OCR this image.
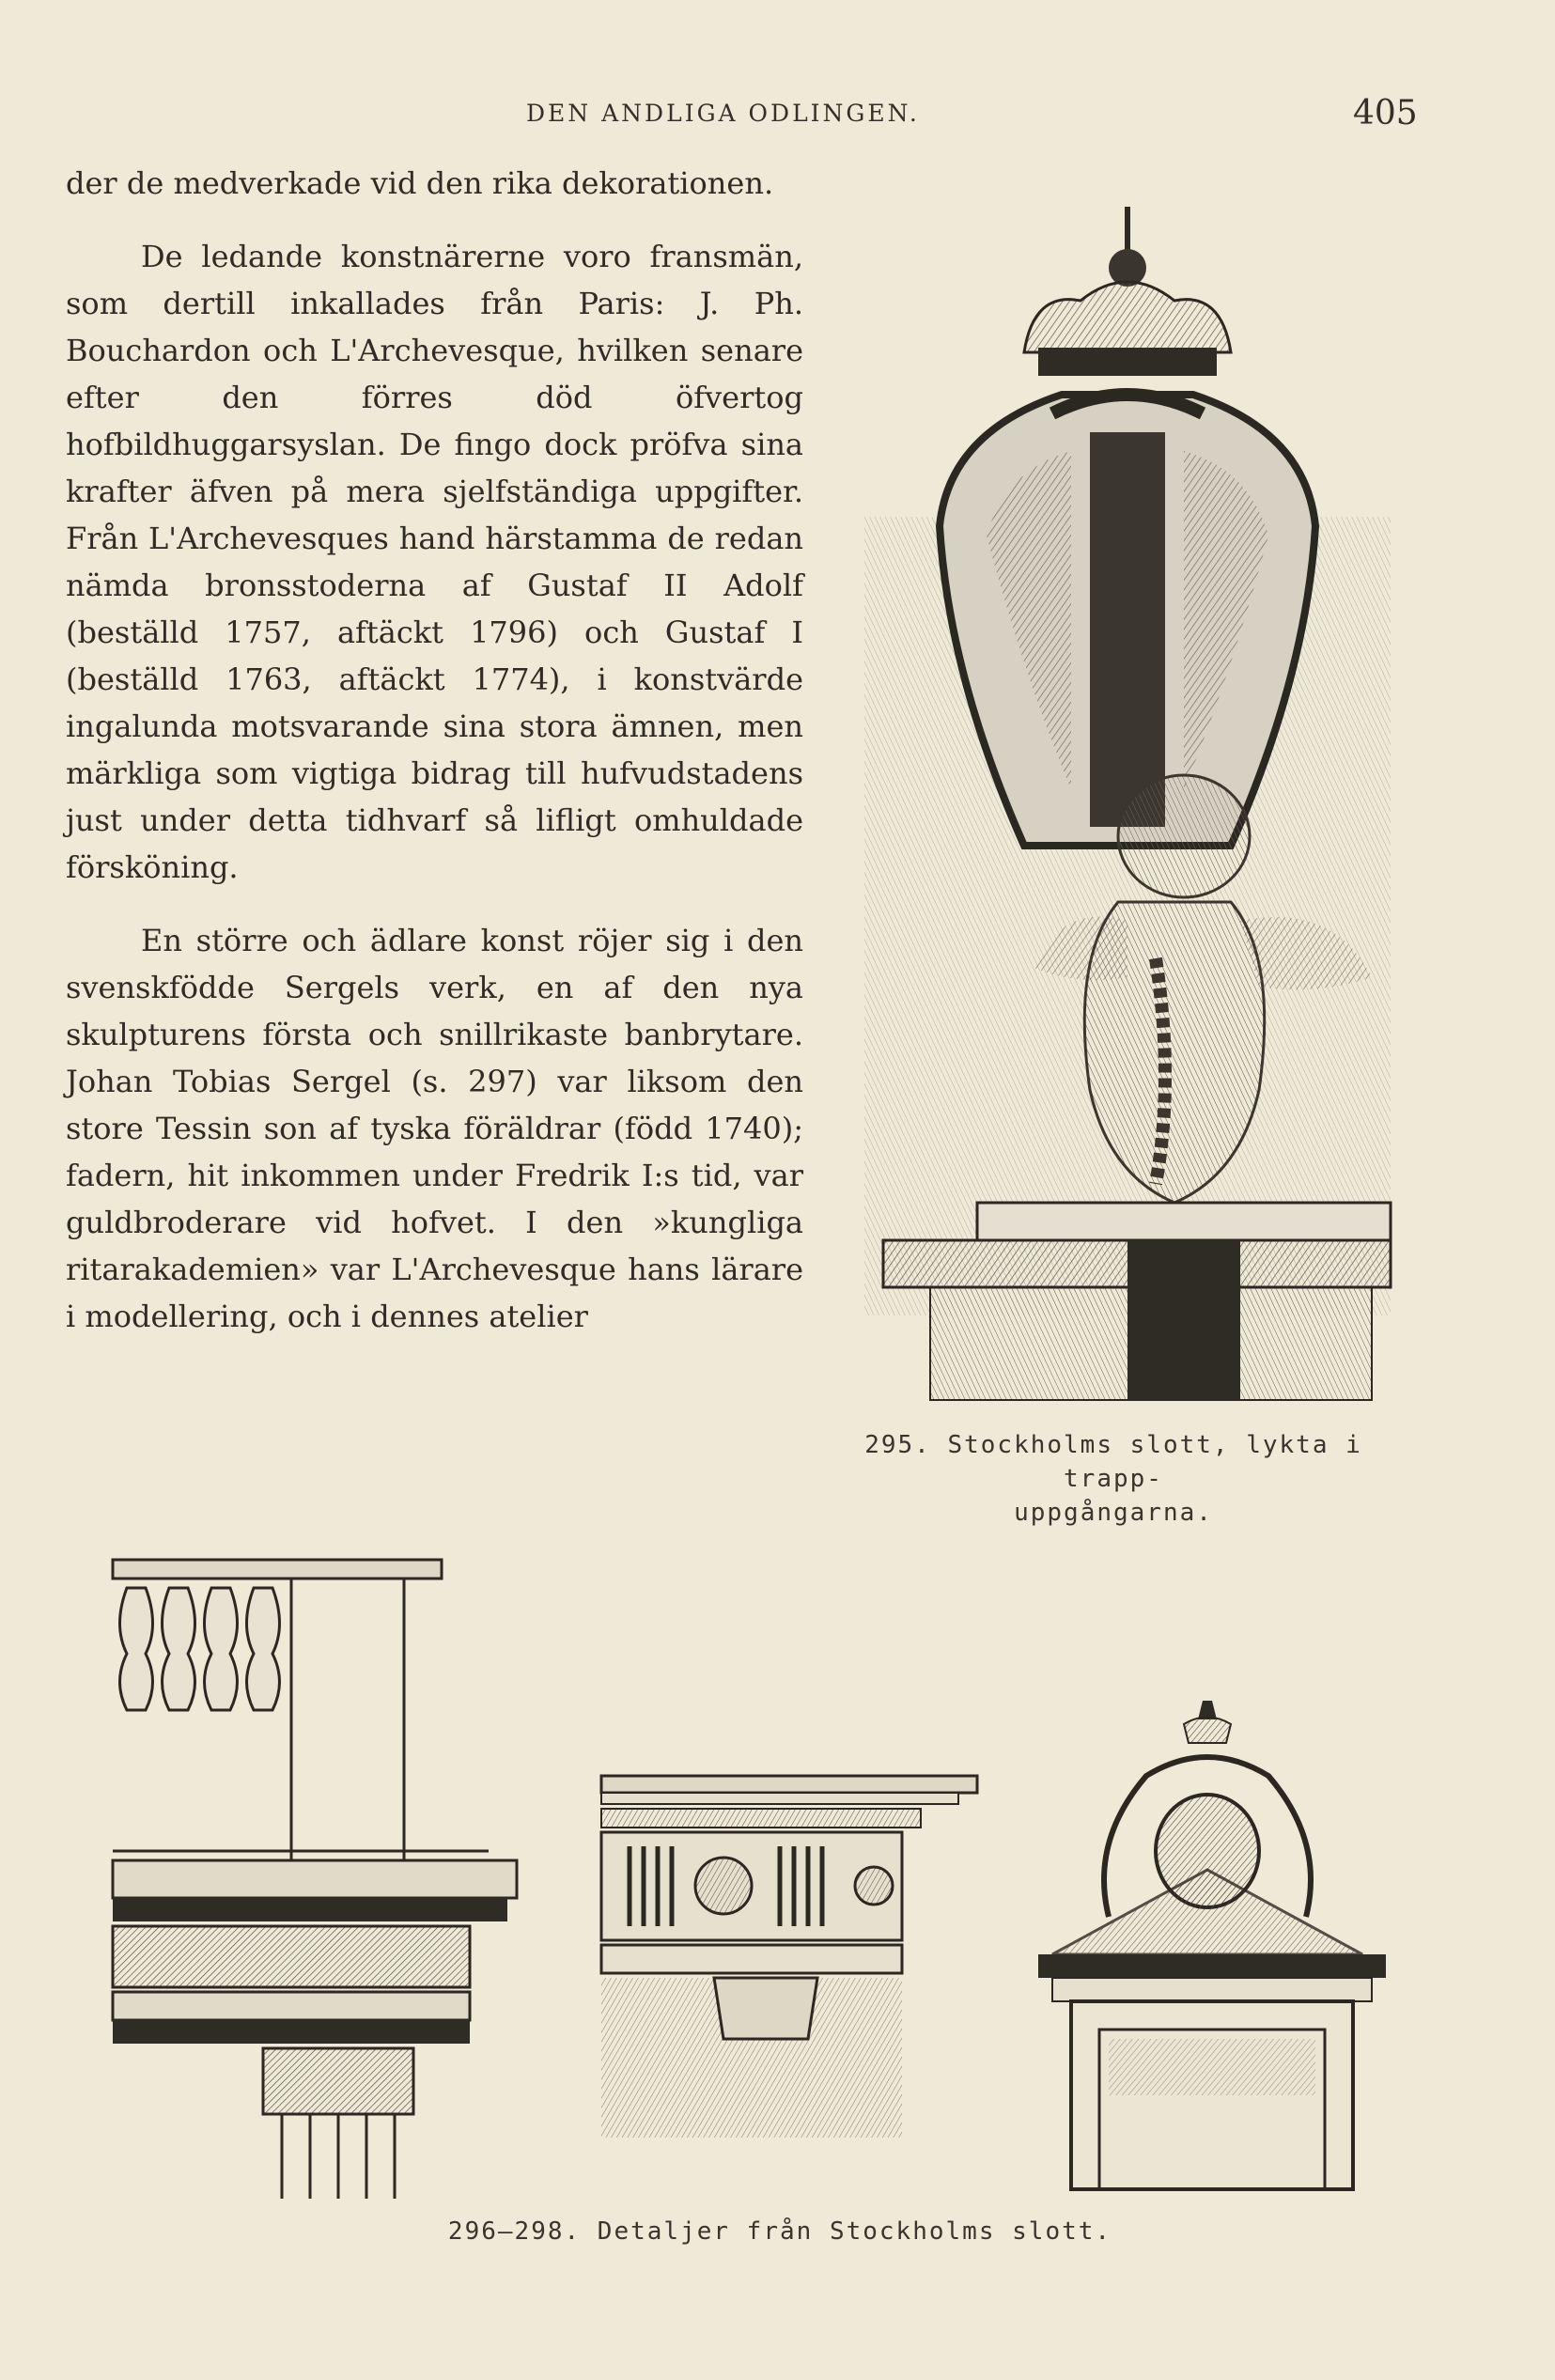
DEN ANDLIGA ODLINGEN.	405

der de medverkade vid den rika dekorationen.

De ledande konstnärerne voro fransmän, som dertill inkallades från Paris: J. Ph. Bouchardon och L'Archevesque, hvilken senare efter den förres död öfvertog hofbildhuggarsyslan. De fingo dock pröfva sina krafter äfven på mera sjelfständiga uppgifter. Från L'Archevesques hand härstamma de redan nämda bronsstoderna af Gustaf II Adolf (beställd 1757, aftäckt 1796) och Gustaf I (beställd 1763, aftäckt 1774), i konstvärde ingalunda motsvarande sina stora ämnen, men märkliga som vigtiga bidrag till hufvudstadens just under detta tidhvarf så lifligt omhuldade försköning.

En större och ädlare konst röjer sig i den svenskfödde Sergels verk, en af den nya skulpturens första och snillrikaste banbrytare. Johan Tobias Sergel (s. 297) var liksom den store Tessin son af tyska föräldrar (född 1740); fadern, hit inkommen under Fredrik I:s tid, var guldbroderare vid hofvet. I den »kungliga ritarakademien» var L'Archevesque hans lärare i modellering, och i dennes atelier

295. Stockholms slott, lykta i trapp-
uppgångarna.
296—298. Detaljer från Stockholms slott.
